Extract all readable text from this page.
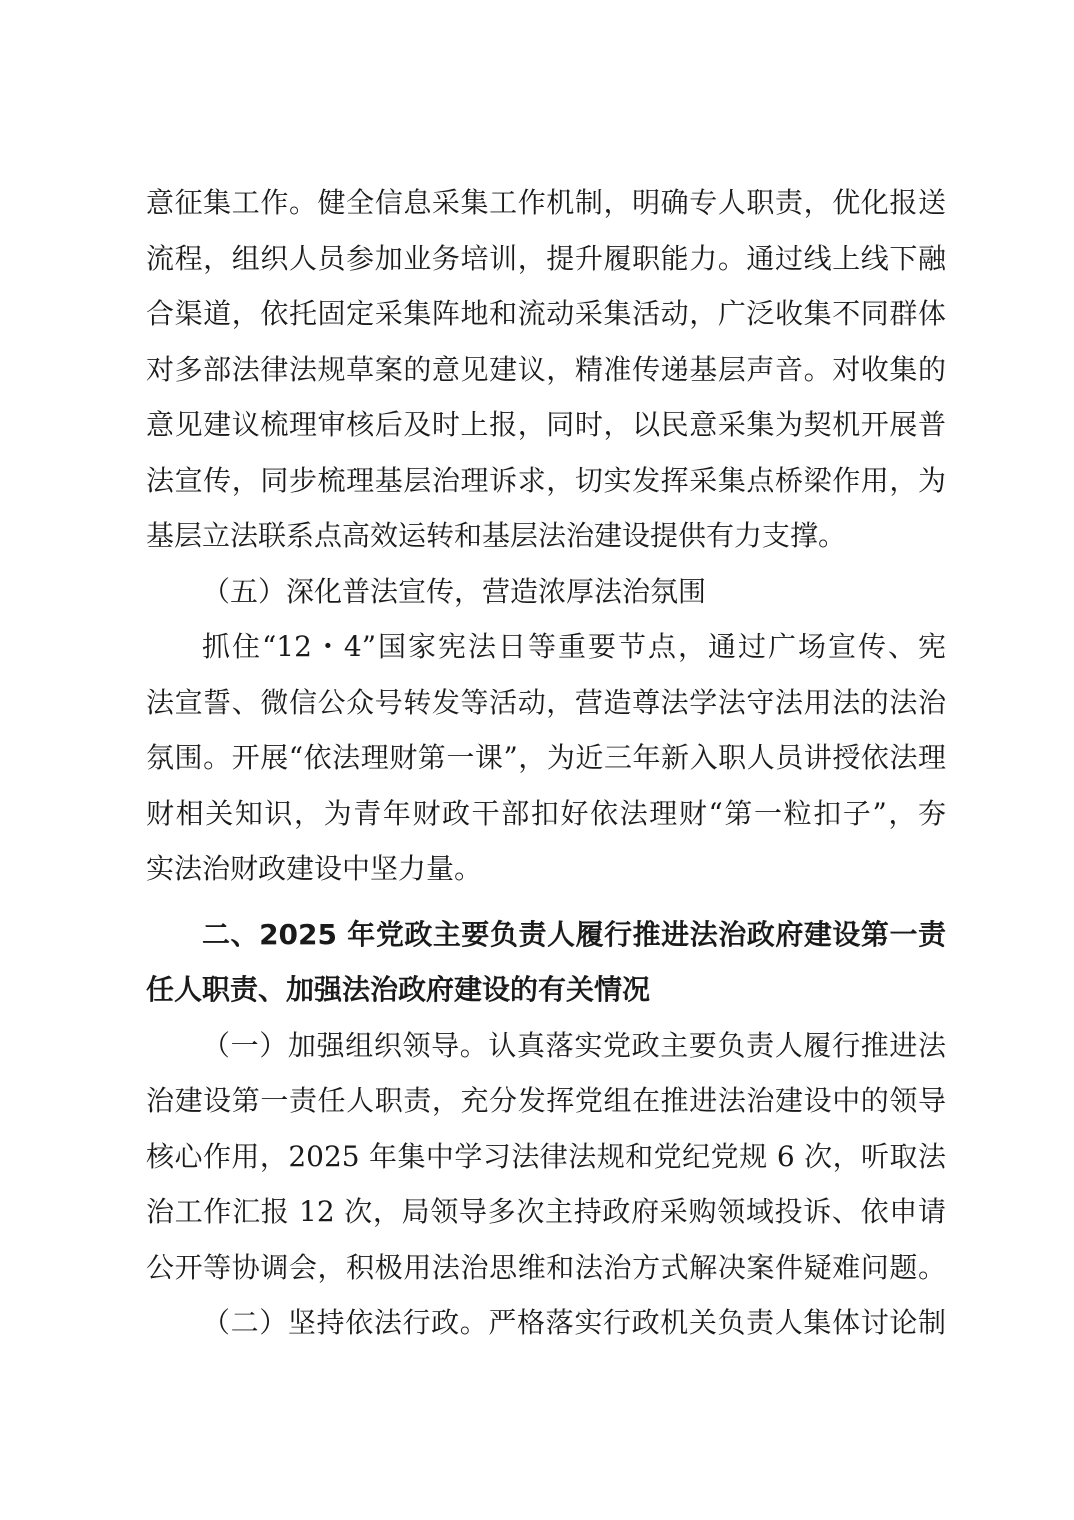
意征集工作。健全信息采集工作机制，明确专人职责，优化报送
流程，组织人员参加业务培训，提升履职能力。通过线上线下融
合渠道，依托固定采集阵地和流动采集活动，广泛收集不同群体
对多部法律法规草案的意见建议，精准传递基层声音。对收集的
意见建议梳理审核后及时上报，同时，以民意采集为契机开展普
法宣传，同步梳理基层治理诉求，切实发挥采集点桥梁作用，为
基层立法联系点高效运转和基层法治建设提供有力支撑。
（五）深化普法宣传，营造浓厚法治氛围
抓住“12・4”国家宪法日等重要节点，通过广场宣传、宪
法宣誓、微信公众号转发等活动，营造尊法学法守法用法的法治
氛围。开展“依法理财第一课”，为近三年新入职人员讲授依法理
财相关知识，为青年财政干部扣好依法理财“第一粒扣子”，夯
实法治财政建设中坚力量。
二、2025 年党政主要负责人履行推进法治政府建设第一责
任人职责、加强法治政府建设的有关情况
（一）加强组织领导。认真落实党政主要负责人履行推进法
治建设第一责任人职责，充分发挥党组在推进法治建设中的领导
核心作用，2025 年集中学习法律法规和党纪党规 6 次，听取法
治工作汇报 12 次，局领导多次主持政府采购领域投诉、依申请
公开等协调会，积极用法治思维和法治方式解决案件疑难问题。
（二）坚持依法行政。严格落实行政机关负责人集体讨论制
